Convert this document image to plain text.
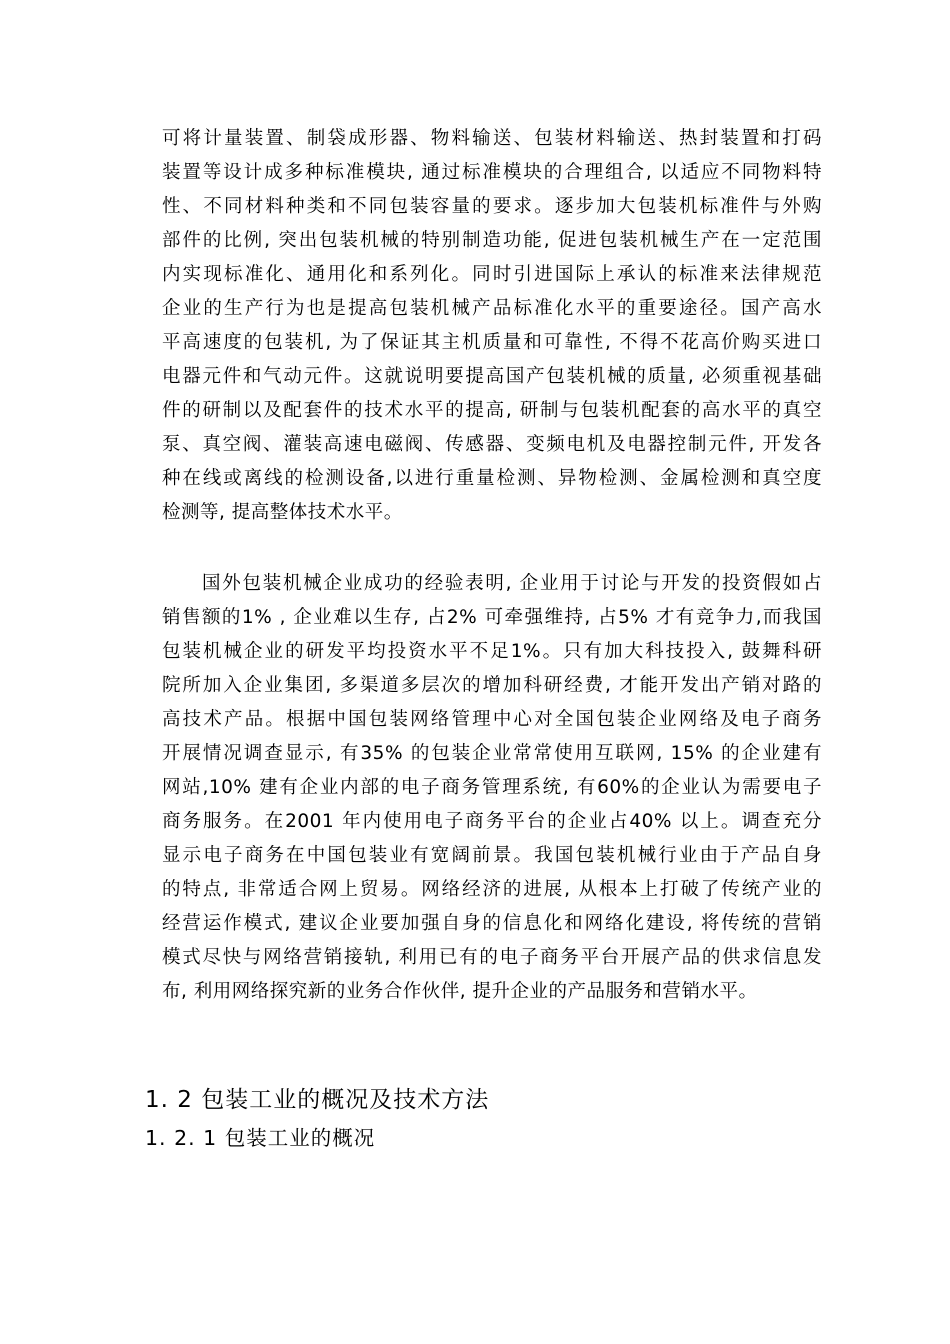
可将计量装置、制袋成形器、物料输送、包装材料输送、热封装置和打码
装置等设计成多种标准模块, 通过标准模块的合理组合, 以适应不同物料特
性、不同材料种类和不同包装容量的要求。逐步加大包装机标准件与外购
部件的比例, 突出包装机械的特别制造功能, 促进包装机械生产在一定范围
内实现标准化、通用化和系列化。同时引进国际上承认的标准来法律规范
企业的生产行为也是提高包装机械产品标准化水平的重要途径。国产高水
平高速度的包装机, 为了保证其主机质量和可靠性, 不得不花高价购买进口
电器元件和气动元件。这就说明要提高国产包装机械的质量, 必须重视基础
件的研制以及配套件的技术水平的提高, 研制与包装机配套的高水平的真空
泵、真空阀、灌装高速电磁阀、传感器、变频电机及电器控制元件, 开发各
种在线或离线的检测设备,以进行重量检测、异物检测、金属检测和真空度
检测等, 提高整体技术水平。
国外包装机械企业成功的经验表明, 企业用于讨论与开发的投资假如占
销售额的1% , 企业难以生存, 占2% 可牵强维持, 占5% 才有竞争力,而我国
包装机械企业的研发平均投资水平不足1%。只有加大科技投入, 鼓舞科研
院所加入企业集团, 多渠道多层次的增加科研经费, 才能开发出产销对路的
高技术产品。根据中国包装网络管理中心对全国包装企业网络及电子商务
开展情况调查显示, 有35% 的包装企业常常使用互联网, 15% 的企业建有
网站,10% 建有企业内部的电子商务管理系统, 有60%的企业认为需要电子
商务服务。在2001 年内使用电子商务平台的企业占40% 以上。调查充分
显示电子商务在中国包装业有宽阔前景。我国包装机械行业由于产品自身
的特点, 非常适合网上贸易。网络经济的进展, 从根本上打破了传统产业的
经营运作模式, 建议企业要加强自身的信息化和网络化建设, 将传统的营销
模式尽快与网络营销接轨, 利用已有的电子商务平台开展产品的供求信息发
布, 利用网络探究新的业务合作伙伴, 提升企业的产品服务和营销水平。
1. 2 包装工业的概况及技术方法
1. 2. 1 包装工业的概况
